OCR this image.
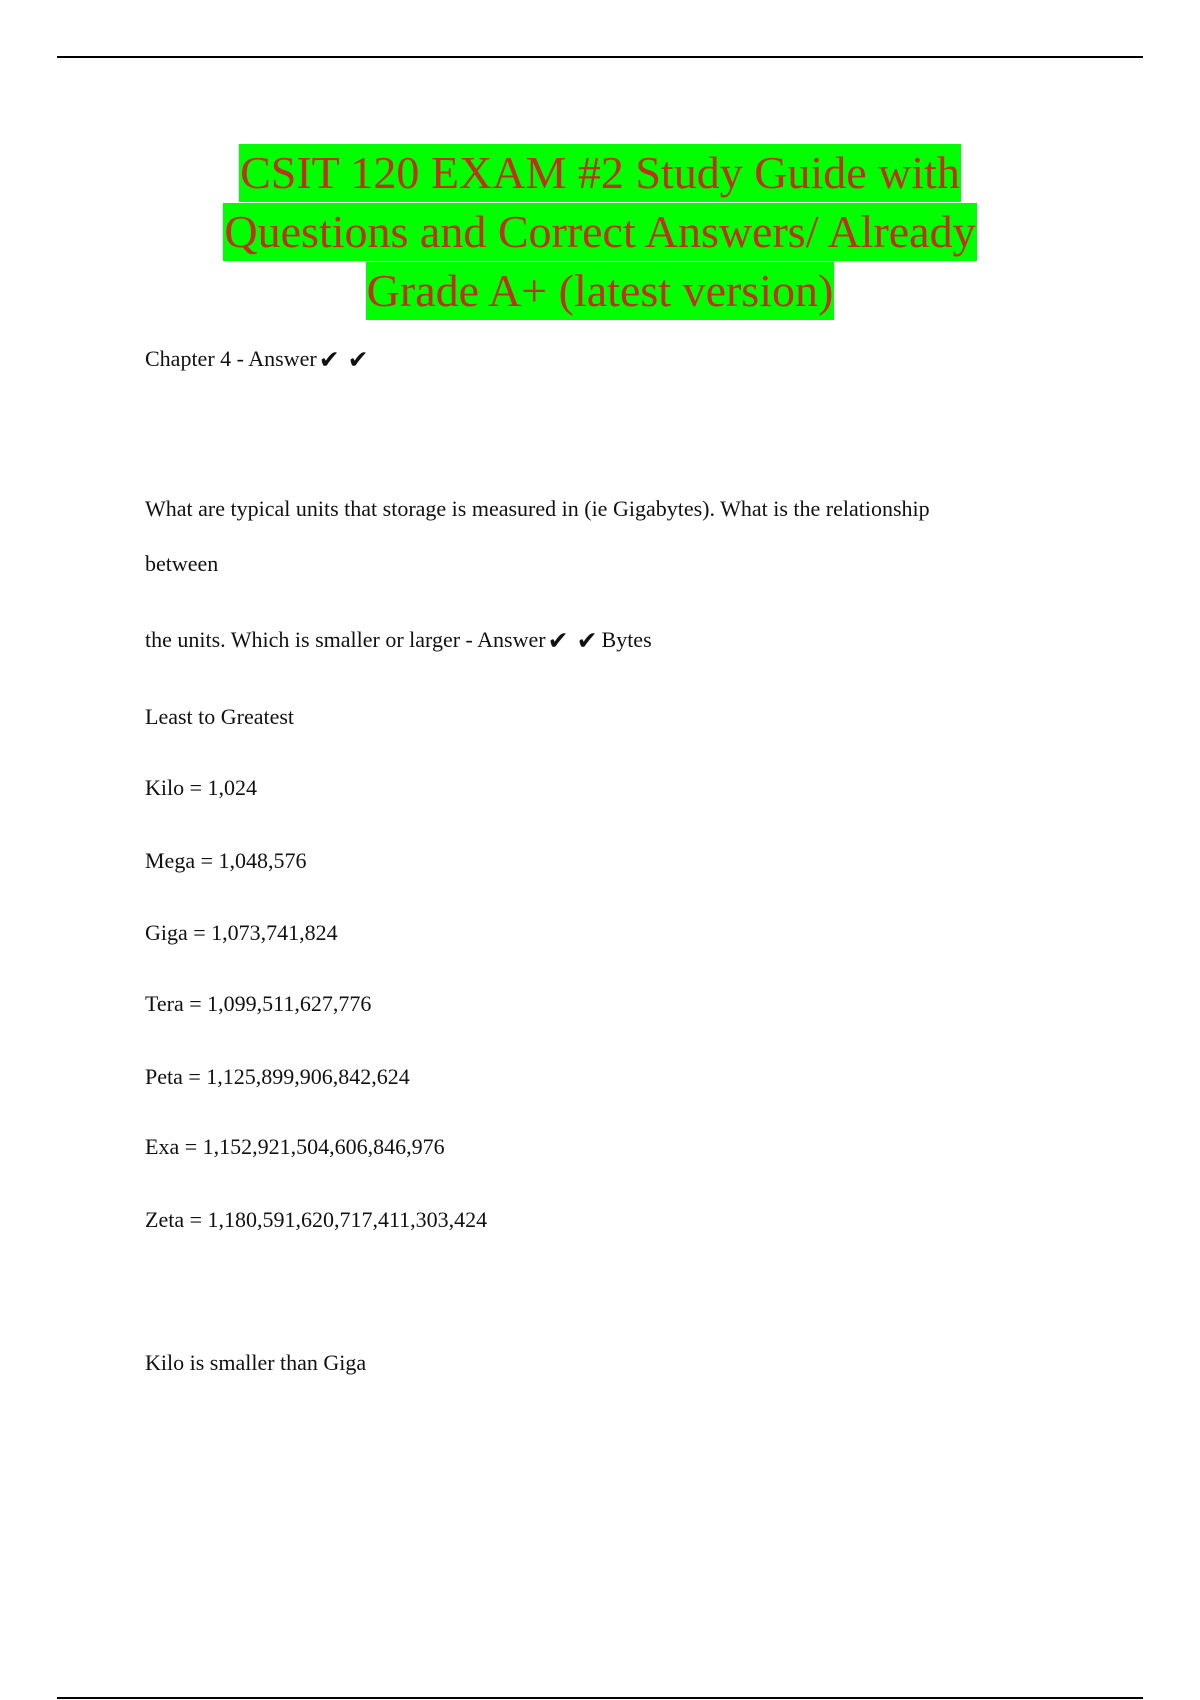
CSIT 120 EXAM #2 Study Guide with
Questions and Correct Answers/ Already
Grade A+ (latest version)
Chapter 4 - Answer✔ ✔
What are typical units that storage is measured in (ie Gigabytes). What is the relationship
between
the units. Which is smaller or larger - Answer✔ ✔ Bytes
Least to Greatest
Kilo = 1,024
Mega = 1,048,576
Giga = 1,073,741,824
Tera = 1,099,511,627,776
Peta = 1,125,899,906,842,624
Exa = 1,152,921,504,606,846,976
Zeta = 1,180,591,620,717,411,303,424
Kilo is smaller than Giga
